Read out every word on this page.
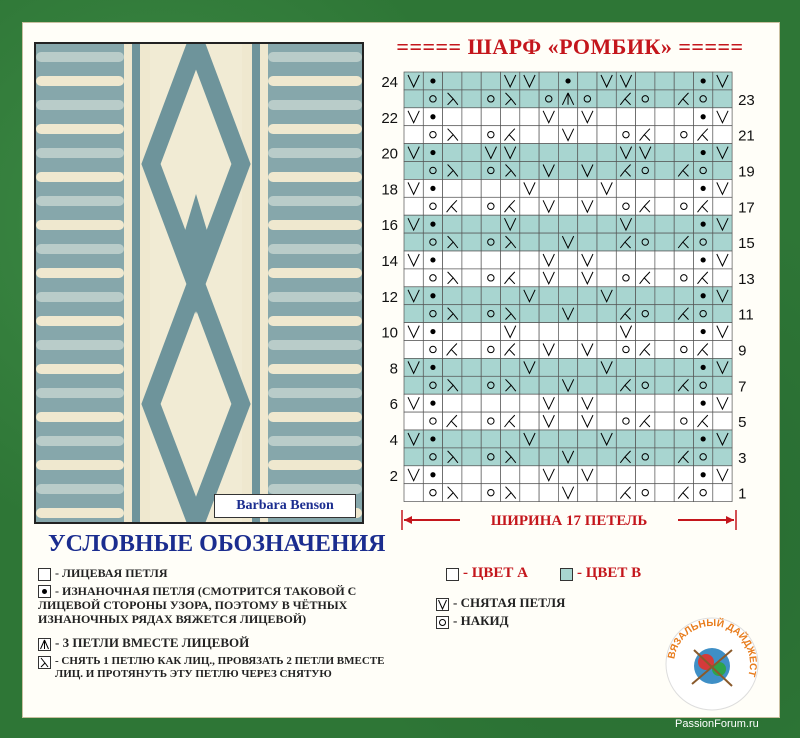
Barbara Benson
===== ШАРФ «РОМБИК» =====
2
4
6
8
10
12
14
16
18
20
22
24
1
3
5
7
9
11
13
15
17
19
21
23
ШИРИНА 17 ПЕТЕЛЬ
УСЛОВНЫЕ ОБОЗНАЧЕНИЯ
- ЛИЦЕВАЯ ПЕТЛЯ
- ИЗНАНОЧНАЯ ПЕТЛЯ (СМОТРИТСЯ ТАКОВОЙ С ЛИЦЕВОЙ СТОРОНЫ УЗОРА, ПОЭТОМУ В ЧЁТНЫХ ИЗНАНОЧНЫХ РЯДАХ ВЯЖЕТСЯ ЛИЦЕВОЙ)
- 3 ПЕТЛИ ВМЕСТЕ ЛИЦЕВОЙ
- СНЯТЬ 1 ПЕТЛЮ КАК ЛИЦ., ПРОВЯЗАТЬ 2 ПЕТЛИ ВМЕСТЕ ЛИЦ. И ПРОТЯНУТЬ ЭТУ ПЕТЛЮ ЧЕРЕЗ СНЯТУЮ
- ЦВЕТ А	- ЦВЕТ В
- СНЯТАЯ ПЕТЛЯ
- НАКИД
ВЯЗАЛЬНЫЙ ДАЙДЖЕСТ
PassionForum.ru
